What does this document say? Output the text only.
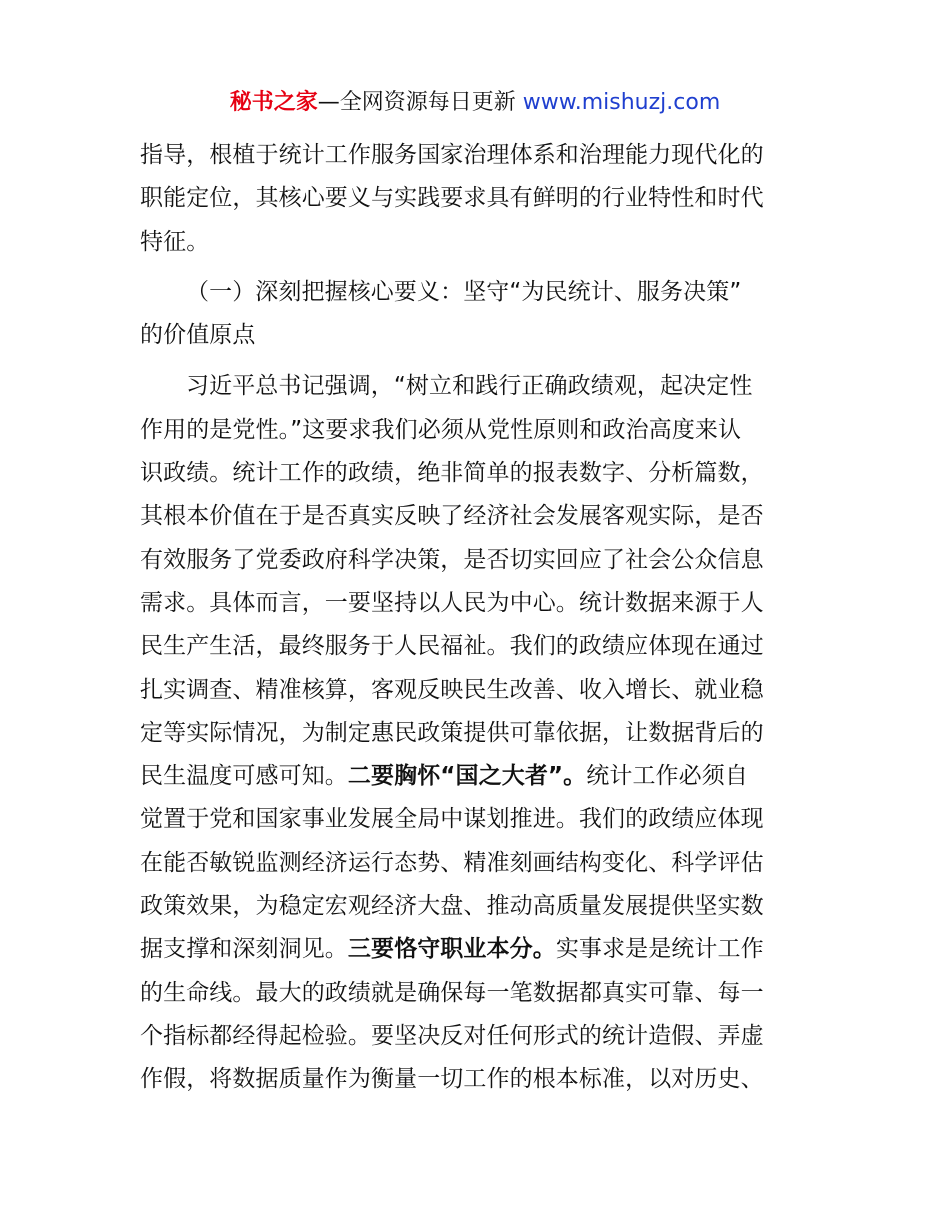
秘书之家—全网资源每日更新 www.mishuzj.com
指导，根植于统计工作服务国家治理体系和治理能力现代化的
职能定位，其核心要义与实践要求具有鲜明的行业特性和时代
特征。
（一）深刻把握核心要义：坚守“为民统计、服务决策”
的价值原点
习近平总书记强调，“树立和践行正确政绩观，起决定性
作用的是党性。”这要求我们必须从党性原则和政治高度来认
识政绩。统计工作的政绩，绝非简单的报表数字、分析篇数，
其根本价值在于是否真实反映了经济社会发展客观实际，是否
有效服务了党委政府科学决策，是否切实回应了社会公众信息
需求。具体而言，一要坚持以人民为中心。统计数据来源于人
民生产生活，最终服务于人民福祉。我们的政绩应体现在通过
扎实调查、精准核算，客观反映民生改善、收入增长、就业稳
定等实际情况，为制定惠民政策提供可靠依据，让数据背后的
民生温度可感可知。二要胸怀“国之大者”。统计工作必须自
觉置于党和国家事业发展全局中谋划推进。我们的政绩应体现
在能否敏锐监测经济运行态势、精准刻画结构变化、科学评估
政策效果，为稳定宏观经济大盘、推动高质量发展提供坚实数
据支撑和深刻洞见。三要恪守职业本分。实事求是是统计工作
的生命线。最大的政绩就是确保每一笔数据都真实可靠、每一
个指标都经得起检验。要坚决反对任何形式的统计造假、弄虚
作假，将数据质量作为衡量一切工作的根本标准，以对历史、
